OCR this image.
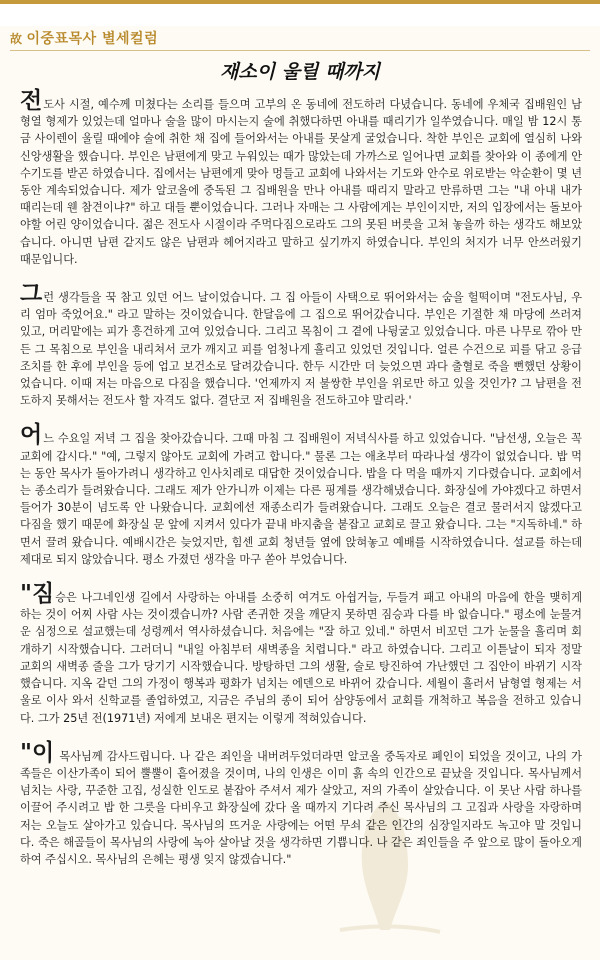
故 이중표목사 별세컬럼
재소이 울릴 때까지

전도사 시절, 예수께 미쳤다는 소리를 들으며 고부의 온 동네에 전도하러 다녔습니다. 동네에 우체국 집배원인 남형열 형제가 있었는데 얼마나 술을 많이 마시는지 술에 취했다하면 아내를 때리기가 일쑤였습니다. 매일 밤 12시 통금 사이렌이 울릴 때에야 술에 취한 채 집에 들어와서는 아내를 못살게 굴었습니다. 착한 부인은 교회에 열심히 나와 신앙생활을 했습니다. 부인은 남편에게 맞고 누워있는 때가 많았는데 가까스로 일어나면 교회를 찾아와 이 종에게 안수기도를 받곤 하였습니다. 집에서는 남편에게 맞아 멍들고 교회에 나와서는 기도와 안수로 위로받는 악순환이 몇 년 동안 계속되었습니다. 제가 알코올에 중독된 그 집배원을 만나 아내를 때리지 말라고 만류하면 그는 "내 아내 내가 때리는데 웬 참견이냐?" 하고 대들 뿐이었습니다. 그러나 자매는 그 사람에게는 부인이지만, 저의 입장에서는 돌보아야할 어린 양이었습니다. 젊은 전도사 시절이라 주먹다짐으로라도 그의 못된 버릇을 고쳐 놓을까 하는 생각도 해보았습니다. 아니면 남편 같지도 않은 남편과 헤어지라고 말하고 싶기까지 하였습니다. 부인의 처지가 너무 안쓰러웠기 때문입니다.

그런 생각들을 꾹 참고 있던 어느 날이었습니다. 그 집 아들이 사택으로 뛰어와서는 숨을 헐떡이며 "전도사님, 우리 엄마 죽었어요." 라고 말하는 것이었습니다. 한달음에 그 집으로 뛰어갔습니다. 부인은 기절한 채 마당에 쓰러져있고, 머리맡에는 피가 흥건하게 고여 있었습니다. 그리고 목침이 그 곁에 나뒹굴고 있었습니다. 마른 나무로 깎아 만든 그 목침으로 부인을 내리쳐서 코가 깨지고 피를 엄청나게 흘리고 있었던 것입니다. 얼른 수건으로 피를 닦고 응급조치를 한 후에 부인을 등에 업고 보건소로 달려갔습니다. 한두 시간만 더 늦었으면 과다 출혈로 죽을 뻔했던 상황이었습니다. 이때 저는 마음으로 다짐을 했습니다. '언제까지 저 불쌍한 부인을 위로만 하고 있을 것인가? 그 남편을 전도하지 못해서는 전도사 할 자격도 없다. 결단코 저 집배원을 전도하고야 말리라.'

어느 수요일 저녁 그 집을 찾아갔습니다. 그때 마침 그 집배원이 저녁식사를 하고 있었습니다. "남선생, 오늘은 꼭 교회에 갑시다." "예, 그렇지 않아도 교회에 가려고 합니다." 물론 그는 애초부터 따라나설 생각이 없었습니다. 밥 먹는 동안 목사가 돌아가려니 생각하고 인사치레로 대답한 것이었습니다. 밥을 다 먹을 때까지 기다렸습니다. 교회에서는 종소리가 들려왔습니다. 그래도 제가 안가니까 이제는 다른 핑계를 생각해냈습니다. 화장실에 가야겠다고 하면서 들어가 30분이 넘도록 안 나왔습니다. 교회에선 재종소리가 들려왔습니다. 그래도 오늘은 결코 물러서지 않겠다고 다짐을 했기 때문에 화장실 문 앞에 지켜서 있다가 끝내 바지춤을 붙잡고 교회로 끌고 왔습니다. 그는 "지독하네." 하면서 끌려 왔습니다. 예배시간은 늦었지만, 힘센 교회 청년들 옆에 앉혀놓고 예배를 시작하였습니다. 설교를 하는데 제대로 되지 않았습니다. 평소 가졌던 생각을 마구 쏟아 부었습니다.

"짐승은 나그네인생 길에서 사랑하는 아내를 소중히 여겨도 아쉽거늘, 두들겨 패고 아내의 마음에 한을 맺히게 하는 것이 어찌 사람 사는 것이겠습니까? 사람 존귀한 것을 깨닫지 못하면 짐승과 다를 바 없습니다." 평소에 눈물겨운 심정으로 설교했는데 성령께서 역사하셨습니다. 처음에는 "잘 하고 있네." 하면서 비꼬던 그가 눈물을 흘리며 회개하기 시작했습니다. 그러더니 "내일 아침부터 새벽종을 치렵니다." 라고 하였습니다. 그리고 이튿날이 되자 정말 교회의 새벽종 줄을 그가 당기기 시작했습니다. 방탕하던 그의 생활, 술로 탕진하여 가난했던 그 집안이 바뀌기 시작했습니다. 지옥 같던 그의 가정이 행복과 평화가 넘치는 에덴으로 바뀌어 갔습니다. 세월이 흘러서 남형열 형제는 서울로 이사 와서 신학교를 졸업하였고, 지금은 주님의 종이 되어 삼양동에서 교회를 개척하고 복음을 전하고 있습니다. 그가 25년 전(1971년) 저에게 보내온 편지는 이렇게 적혀있습니다.

"이 목사님께 감사드립니다. 나 같은 죄인을 내버려두었더라면 알코올 중독자로 폐인이 되었을 것이고, 나의 가족들은 이산가족이 되어 뿔뿔이 흩어졌을 것이며, 나의 인생은 이미 흙 속의 인간으로 끝났을 것입니다. 목사님께서 넘치는 사랑, 꾸준한 고집, 성실한 인도로 붙잡아 주셔서 제가 살았고, 저의 가족이 살았습니다. 이 못난 사람 하나를 이끌어 주시려고 밥 한 그릇을 다비우고 화장실에 갔다 올 때까지 기다려 주신 목사님의 그 고집과 사랑을 자랑하며 저는 오늘도 살아가고 있습니다. 목사님의 뜨거운 사랑에는 어떤 무쇠 같은 인간의 심장일지라도 녹고야 말 것입니다. 죽은 해골들이 목사님의 사랑에 녹아 살아날 것을 생각하면 기쁩니다. 나 같은 죄인들을 주 앞으로 많이 돌아오게 하여 주십시오. 목사님의 은혜는 평생 잊지 않겠습니다."
